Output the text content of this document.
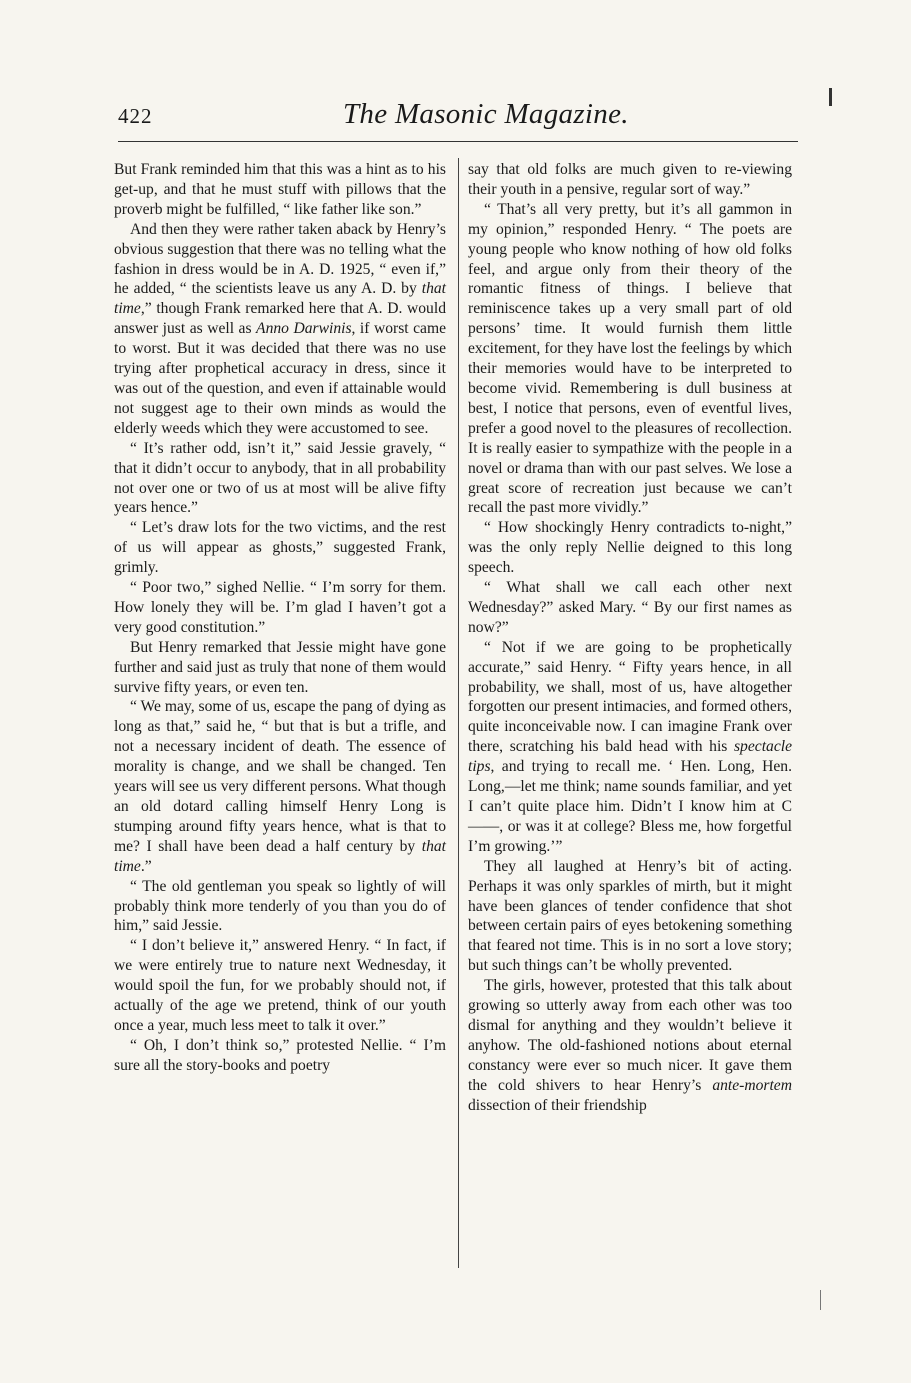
422	The Masonic Magazine.

But Frank reminded him that this was a hint as to his get-up, and that he must stuff with pillows that the proverb might be fulfilled, “ like father like son.”

And then they were rather taken aback by Henry’s obvious suggestion that there was no telling what the fashion in dress would be in A. D. 1925, “ even if,” he added, “ the scientists leave us any A. D. by that time,” though Frank remarked here that A. D. would answer just as well as Anno Darwinis, if worst came to worst. But it was decided that there was no use trying after prophetical accuracy in dress, since it was out of the question, and even if attainable would not suggest age to their own minds as would the elderly weeds which they were accustomed to see.

“ It’s rather odd, isn’t it,” said Jessie gravely, “ that it didn’t occur to anybody, that in all probability not over one or two of us at most will be alive fifty years hence.”

“ Let’s draw lots for the two victims, and the rest of us will appear as ghosts,” suggested Frank, grimly.

“ Poor two,” sighed Nellie. “ I’m sorry for them. How lonely they will be. I’m glad I haven’t got a very good constitution.”

But Henry remarked that Jessie might have gone further and said just as truly that none of them would survive fifty years, or even ten.

“ We may, some of us, escape the pang of dying as long as that,” said he, “ but that is but a trifle, and not a necessary incident of death. The essence of morality is change, and we shall be changed. Ten years will see us very different persons. What though an old dotard calling himself Henry Long is stumping around fifty years hence, what is that to me? I shall have been dead a half century by that time.”

“ The old gentleman you speak so lightly of will probably think more tenderly of you than you do of him,” said Jessie.

“ I don’t believe it,” answered Henry. “ In fact, if we were entirely true to nature next Wednesday, it would spoil the fun, for we probably should not, if actually of the age we pretend, think of our youth once a year, much less meet to talk it over.”

“ Oh, I don’t think so,” protested Nellie. “ I’m sure all the story-books and poetry

say that old folks are much given to re-viewing their youth in a pensive, regular sort of way.”

“ That’s all very pretty, but it’s all gammon in my opinion,” responded Henry. “ The poets are young people who know nothing of how old folks feel, and argue only from their theory of the romantic fitness of things. I believe that reminiscence takes up a very small part of old persons’ time. It would furnish them little excitement, for they have lost the feelings by which their memories would have to be interpreted to become vivid. Remembering is dull business at best, I notice that persons, even of eventful lives, prefer a good novel to the pleasures of recollection. It is really easier to sympathize with the people in a novel or drama than with our past selves. We lose a great score of recreation just because we can’t recall the past more vividly.”

“ How shockingly Henry contradicts to-night,” was the only reply Nellie deigned to this long speech.

“ What shall we call each other next Wednesday?” asked Mary. “ By our first names as now?”

“ Not if we are going to be prophetically accurate,” said Henry. “ Fifty years hence, in all probability, we shall, most of us, have altogether forgotten our present intimacies, and formed others, quite inconceivable now. I can imagine Frank over there, scratching his bald head with his spectacle tips, and trying to recall me. ‘ Hen. Long, Hen. Long,—let me think; name sounds familiar, and yet I can’t quite place him. Didn’t I know him at C——, or was it at college? Bless me, how forgetful I’m growing.’”

They all laughed at Henry’s bit of acting. Perhaps it was only sparkles of mirth, but it might have been glances of tender confidence that shot between certain pairs of eyes betokening something that feared not time. This is in no sort a love story; but such things can’t be wholly prevented.

The girls, however, protested that this talk about growing so utterly away from each other was too dismal for anything and they wouldn’t believe it anyhow. The old-fashioned notions about eternal constancy were ever so much nicer. It gave them the cold shivers to hear Henry’s ante-mortem dissection of their friendship
